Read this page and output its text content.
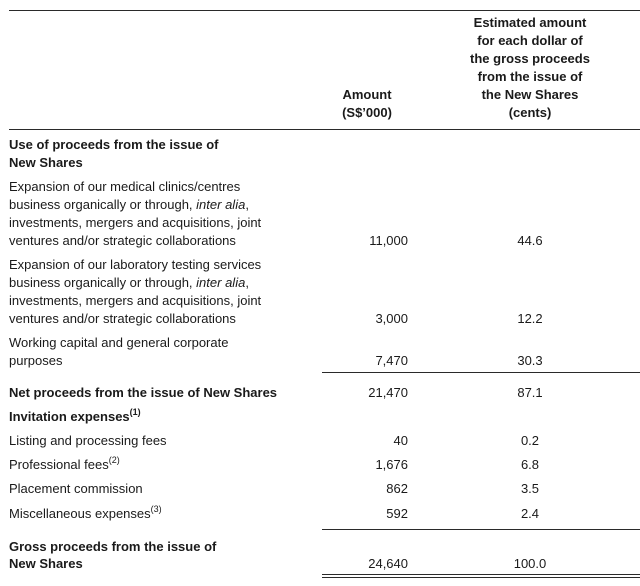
Amount
(S$’000)
Estimated amount
for each dollar of
the gross proceeds
from the issue of
the New Shares
(cents)
Use of proceeds from the issue of
New Shares
Expansion of our medical clinics/centres
business organically or through, inter alia,
investments, mergers and acquisitions, joint
ventures and/or strategic collaborations	11,000	44.6
Expansion of our laboratory testing services
business organically or through, inter alia,
investments, mergers and acquisitions, joint
ventures and/or strategic collaborations	3,000	12.2
Working capital and general corporate
purposes	7,470	30.3
Net proceeds from the issue of New Shares	21,470	87.1
Invitation expenses$^{(1)}$
Listing and processing fees	40	0.2
Professional fees$^{(2)}$	1,676	6.8
Placement commission	862	3.5
Miscellaneous expenses$^{(3)}$	592	2.4
Gross proceeds from the issue of
New Shares	24,640	100.0
